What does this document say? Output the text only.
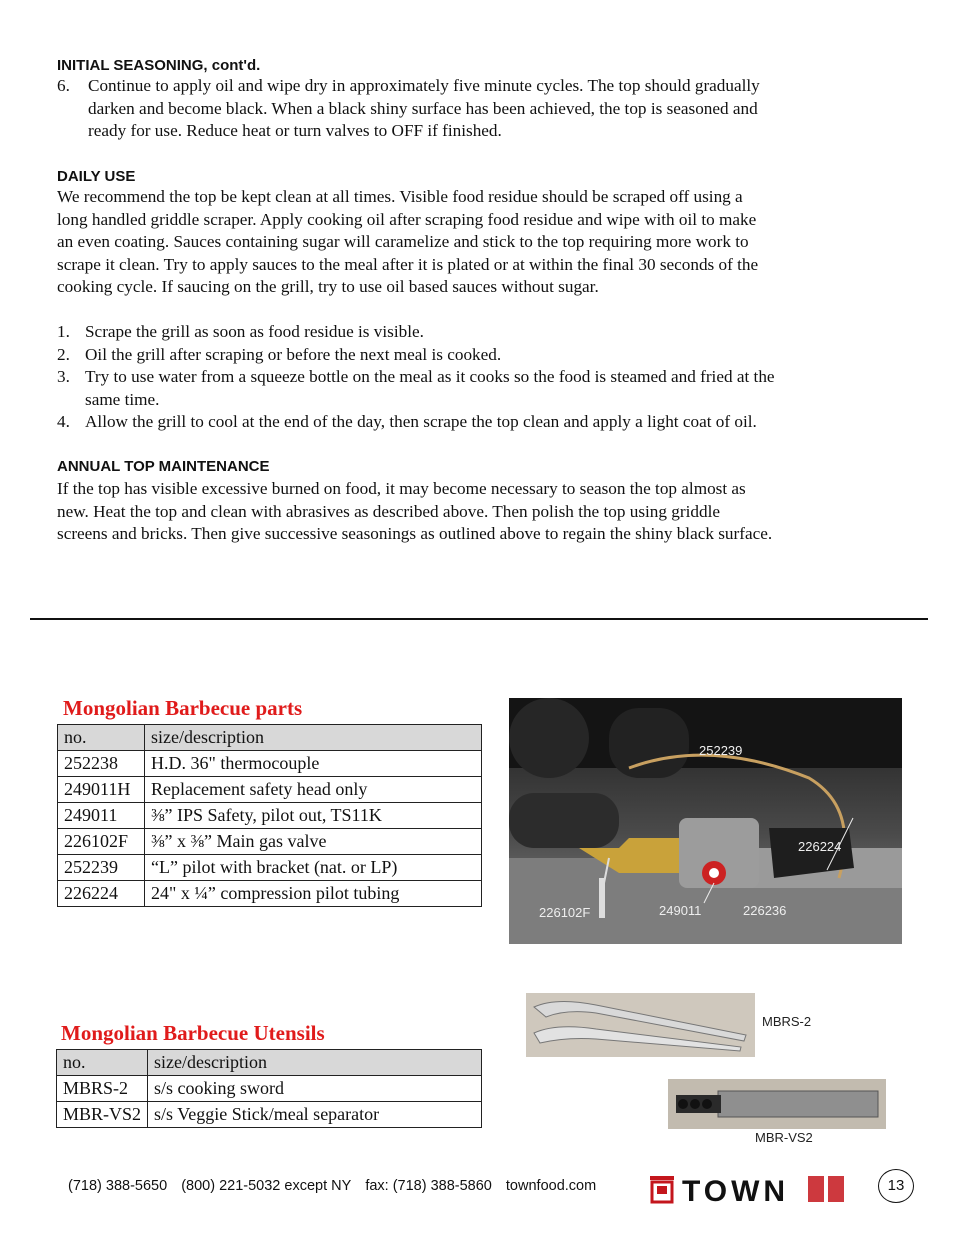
INITIAL SEASONING, cont'd.
6. Continue to apply oil and wipe dry in approximately five minute cycles. The top should gradually
darken and become black. When a black shiny surface has been achieved, the top is seasoned and
ready for use. Reduce heat or turn valves to OFF if finished.
DAILY USE
We recommend the top be kept clean at all times. Visible food residue should be scraped off using a
long handled griddle scraper. Apply cooking oil after scraping food residue and wipe with oil to make
an even coating. Sauces containing sugar will caramelize and stick to the top requiring more work to
scrape it clean. Try to apply sauces to the meal after it is plated or at within the final 30 seconds of the
cooking cycle. If saucing on the grill, try to use oil based sauces without sugar.
1. Scrape the grill as soon as food residue is visible.
2. Oil the grill after scraping or before the next meal is cooked.
3. Try to use water from a squeeze bottle on the meal as it cooks so the food is steamed and fried at the
same time.
4. Allow the grill to cool at the end of the day, then scrape the top clean and apply a light coat of oil.
ANNUAL TOP MAINTENANCE
If the top has visible excessive burned on food, it may become necessary to season the top almost as
new. Heat the top and clean with abrasives as described above. Then polish the top using griddle
screens and bricks. Then give successive seasonings as outlined above to regain the shiny black surface.
Mongolian Barbecue parts
no.	size/description
252238	H.D. 36" thermocouple
249011H	Replacement safety head only
249011	⅜” IPS Safety, pilot out, TS11K
226102F	⅜” x ⅜” Main gas valve
252239	“L” pilot with bracket (nat. or LP)
226224	24" x ¼” compression pilot tubing
252239
226224
226102F	249011	226236
Mongolian Barbecue Utensils
no.	size/description
MBRS-2	s/s cooking sword
MBR-VS2	s/s Veggie Stick/meal separator
MBRS-2
MBR-VS2
(718) 388-5650 (800) 221-5032 except NY fax: (718) 388-5860 townfood.com	TOWN	13
